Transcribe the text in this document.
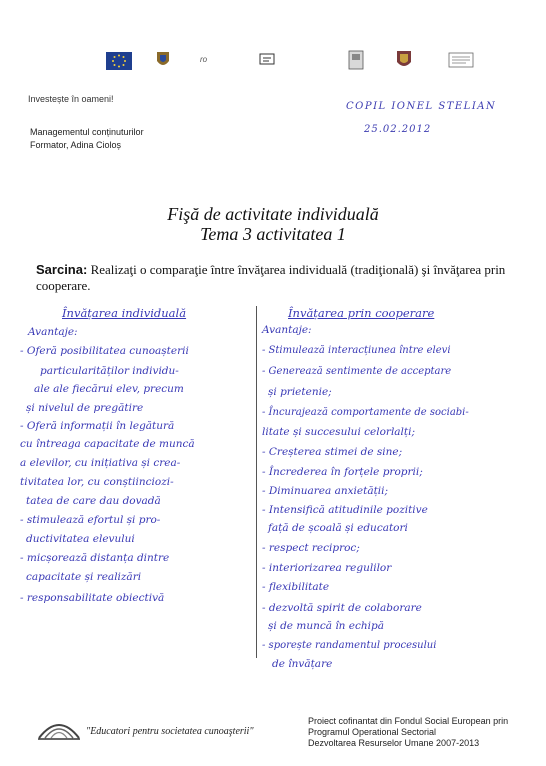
ro
Investește în oameni!
Managementul conținuturilor
Formator, Adina Cioloș
COPIL IONEL STELIAN
25.02.2012
Fişă de activitate individuală
Tema 3 activitatea 1
Sarcina: Realizaţi o comparaţie între învăţarea individuală (tradiţională) şi învăţarea prin cooperare.
Învățarea individuală
Avantaje:
- Oferă posibilitatea cunoașterii
particularităților individu-
ale ale fiecărui elev, precum
și nivelul de pregătire
- Oferă informații în legătură
cu întreaga capacitate de muncă
a elevilor, cu inițiativa și crea-
tivitatea lor, cu conștiinciozi-
tatea de care dau dovadă
- stimulează efortul și pro-
ductivitatea elevului
- micșorează distanța dintre
capacitate și realizări
- responsabilitate obiectivă
Învățarea prin cooperare
Avantaje:
- Stimulează interacțiunea între elevi
- Generează sentimente de acceptare
și prietenie;
- Încurajează comportamente de sociabi-
litate și succesului celorlalți;
- Creșterea stimei de sine;
- Încrederea în forțele proprii;
- Diminuarea anxietății;
- Intensifică atitudinile pozitive
față de școală și educatori
- respect reciproc;
- interiorizarea regulilor
- flexibilitate
- dezvoltă spirit de colaborare
și de muncă în echipă
- sporește randamentul procesului
de învățare
"Educatori pentru societatea cunoaşterii"
Proiect cofinantat din Fondul Social European prin
Programul Operational Sectorial
Dezvoltarea Resurselor Umane 2007-2013
